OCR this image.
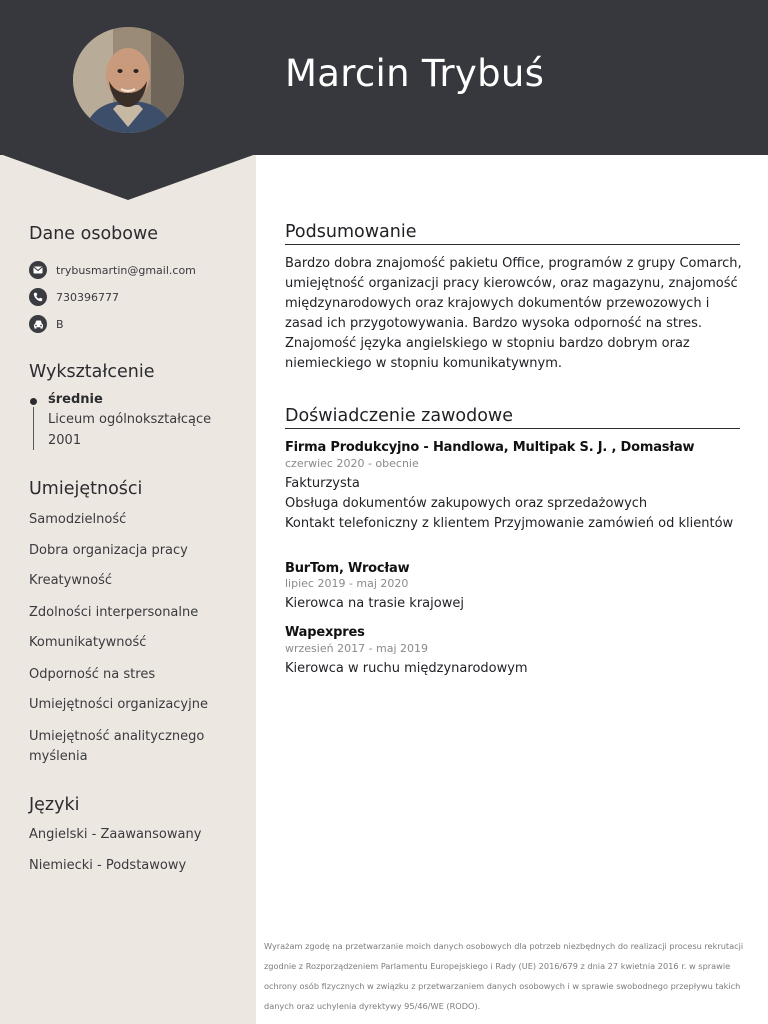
Marcin Trybuś
Dane osobowe
trybusmartin@gmail.com
730396777
B
Wykształcenie
średnie
Liceum ogólnokształcące
2001
Umiejętności
Samodzielność
Dobra organizacja pracy
Kreatywność
Zdolności interpersonalne
Komunikatywność
Odporność na stres
Umiejętności organizacyjne
Umiejętność analitycznego myślenia
Języki
Angielski - Zaawansowany
Niemiecki - Podstawowy
Podsumowanie
Bardzo dobra znajomość pakietu Office, programów z grupy Comarch, umiejętność organizacji pracy kierowców, oraz magazynu, znajomość międzynarodowych oraz krajowych dokumentów przewozowych i zasad ich przygotowywania. Bardzo wysoka odporność na stres. Znajomość języka angielskiego w stopniu bardzo dobrym oraz niemieckiego w stopniu komunikatywnym.
Doświadczenie zawodowe
Firma Produkcyjno - Handlowa, Multipak S. J. , Domasław
czerwiec 2020 - obecnie
Fakturzysta
Obsługa dokumentów zakupowych oraz sprzedażowych
Kontakt telefoniczny z klientem Przyjmowanie zamówień od klientów
BurTom, Wrocław
lipiec 2019 - maj 2020
Kierowca na trasie krajowej
Wapexpres
wrzesień 2017 - maj 2019
Kierowca w ruchu międzynarodowym
Wyrażam zgodę na przetwarzanie moich danych osobowych dla potrzeb niezbędnych do realizacji procesu rekrutacji zgodnie z Rozporządzeniem Parlamentu Europejskiego i Rady (UE) 2016/679 z dnia 27 kwietnia 2016 r. w sprawie ochrony osób fizycznych w związku z przetwarzaniem danych osobowych i w sprawie swobodnego przepływu takich danych oraz uchylenia dyrektywy 95/46/WE (RODO).
